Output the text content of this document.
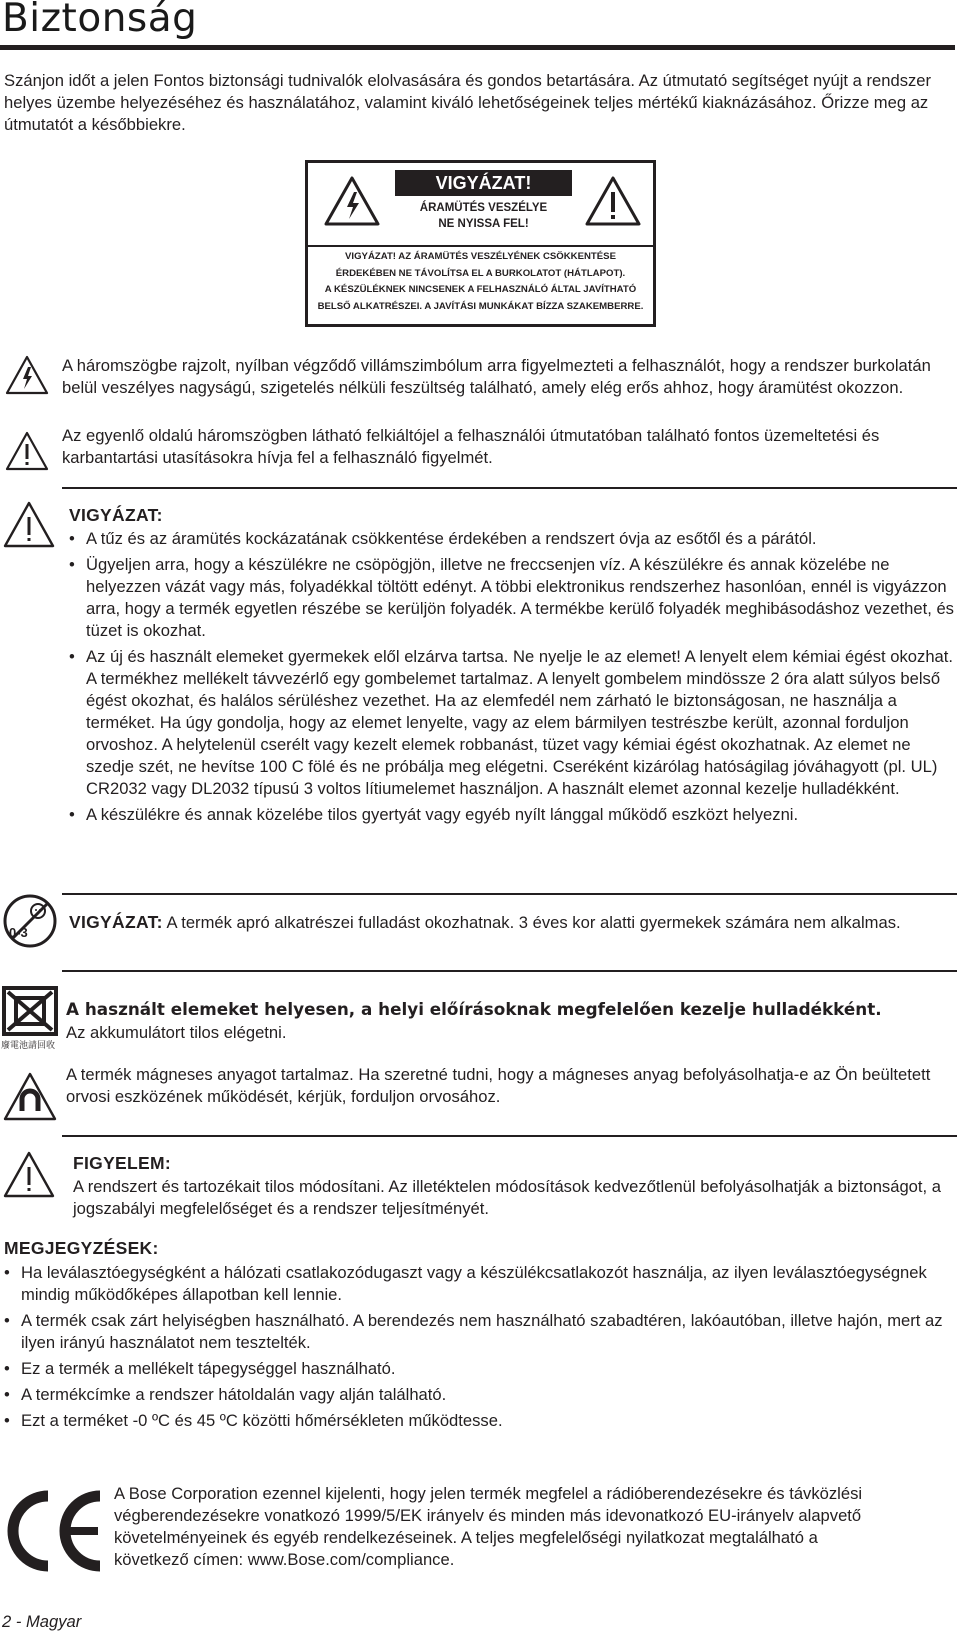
Biztonság
Szánjon időt a jelen Fontos biztonsági tudnivalók elolvasására és gondos betartására. Az útmutató segítséget nyújt a rendszer helyes üzembe helyezéséhez és használatához, valamint kiváló lehetőségeinek teljes mértékű kiaknázásához. Őrizze meg az útmutatót a későbbiekre.
VIGYÁZAT!
ÁRAMÜTÉS VESZÉLYE
NE NYISSA FEL!
VIGYÁZAT! AZ ÁRAMÜTÉS VESZÉLYÉNEK CSÖKKENTÉSE
ÉRDEKÉBEN NE TÁVOLÍTSA EL A BURKOLATOT (HÁTLAPOT).
A KÉSZÜLÉKNEK NINCSENEK A FELHASZNÁLÓ ÁLTAL JAVÍTHATÓ
BELSŐ ALKATRÉSZEI. A JAVÍTÁSI MUNKÁKAT BÍZZA SZAKEMBERRE.
A háromszögbe rajzolt, nyílban végződő villámszimbólum arra figyelmezteti a felhasználót, hogy a rendszer burkolatán belül veszélyes nagyságú, szigetelés nélküli feszültség található, amely elég erős ahhoz, hogy áramütést okozzon.
Az egyenlő oldalú háromszögben látható felkiáltójel a felhasználói útmutatóban található fontos üzemeltetési és karbantartási utasításokra hívja fel a felhasználó figyelmét.
VIGYÁZAT:
• A tűz és az áramütés kockázatának csökkentése érdekében a rendszert óvja az esőtől és a párától.
• Ügyeljen arra, hogy a készülékre ne csöpögjön, illetve ne freccsenjen víz. A készülékre és annak közelébe ne helyezzen vázát vagy más, folyadékkal töltött edényt. A többi elektronikus rendszerhez hasonlóan, ennél is vigyázzon arra, hogy a termék egyetlen részébe se kerüljön folyadék. A termékbe kerülő folyadék meghibásodáshoz vezethet, és tüzet is okozhat.
• Az új és használt elemeket gyermekek elől elzárva tartsa. Ne nyelje le az elemet! A lenyelt elem kémiai égést okozhat. A termékhez mellékelt távvezérlő egy gombelemet tartalmaz. A lenyelt gombelem mindössze 2 óra alatt súlyos belső égést okozhat, és halálos sérüléshez vezethet. Ha az elemfedél nem zárható le biztonságosan, ne használja a terméket. Ha úgy gondolja, hogy az elemet lenyelte, vagy az elem bármilyen testrészbe került, azonnal forduljon orvoshoz. A helytelenül cserélt vagy kezelt elemek robbanást, tüzet vagy kémiai égést okozhatnak. Az elemet ne szedje szét, ne hevítse 100 C fölé és ne próbálja meg elégetni. Cseréként kizárólag hatóságilag jóváhagyott (pl. UL) CR2032 vagy DL2032 típusú 3 voltos lítiumelemet használjon. A használt elemet azonnal kezelje hulladékként.
• A készülékre és annak közelébe tilos gyertyát vagy egyéb nyílt lánggal működő eszközt helyezni.
0-3
VIGYÁZAT: A termék apró alkatrészei fulladást okozhatnak. 3 éves kor alatti gyermekek számára nem alkalmas.
廢電池請回收
A használt elemeket helyesen, a helyi előírásoknak megfelelően kezelje hulladékként.
Az akkumulátort tilos elégetni.
A termék mágneses anyagot tartalmaz. Ha szeretné tudni, hogy a mágneses anyag befolyásolhatja-e az Ön beültetett orvosi eszközének működését, kérjük, forduljon orvosához.
FIGYELEM:
A rendszert és tartozékait tilos módosítani. Az illetéktelen módosítások kedvezőtlenül befolyásolhatják a biztonságot, a jogszabályi megfelelőséget és a rendszer teljesítményét.
MEGJEGYZÉSEK:
• Ha leválasztóegységként a hálózati csatlakozódugaszt vagy a készülékcsatlakozót használja, az ilyen leválasztóegységnek mindig működőképes állapotban kell lennie.
• A termék csak zárt helyiségben használható. A berendezés nem használható szabadtéren, lakóautóban, illetve hajón, mert az ilyen irányú használatot nem tesztelték.
• Ez a termék a mellékelt tápegységgel használható.
• A termékcímke a rendszer hátoldalán vagy alján található.
• Ezt a terméket -0 ºC és 45 ºC közötti hőmérsékleten működtesse.
A Bose Corporation ezennel kijelenti, hogy jelen termék megfelel a rádióberendezésekre és távközlési végberendezésekre vonatkozó 1999/5/EK irányelv és minden más idevonatkozó EU-irányelv alapvető követelményeinek és egyéb rendelkezéseinek. A teljes megfelelőségi nyilatkozat megtalálható a következő címen: www.Bose.com/compliance.
2 - Magyar
